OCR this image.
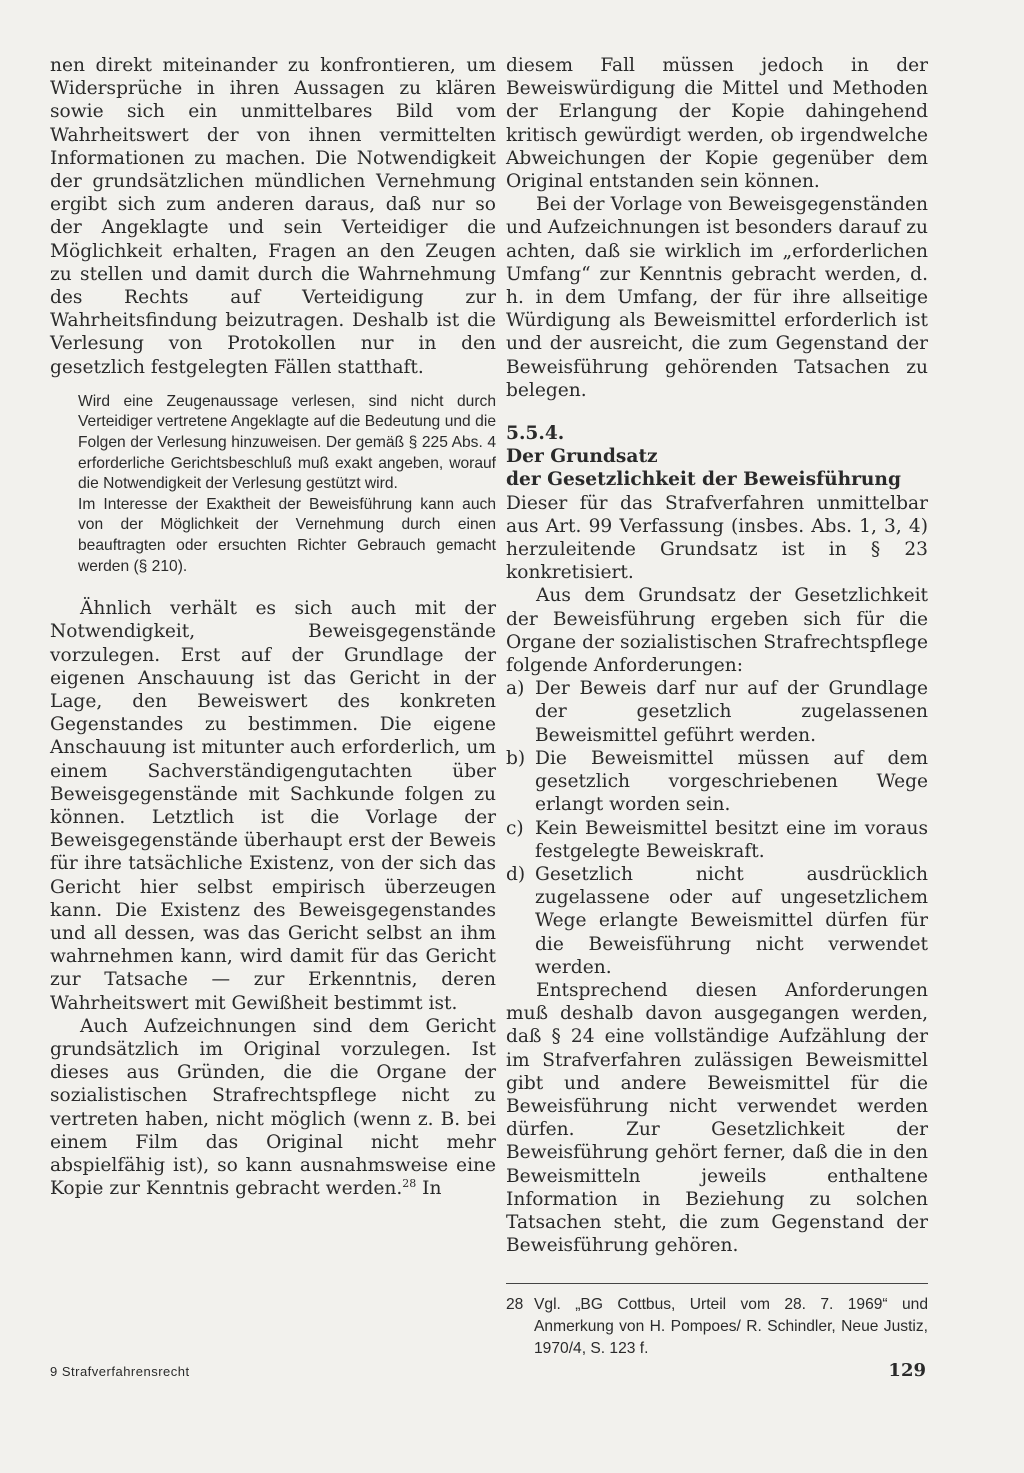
nen direkt miteinander zu konfrontieren, um Widersprüche in ihren Aussagen zu klären sowie sich ein unmittelbares Bild vom Wahrheitswert der von ihnen vermittelten Informationen zu machen. Die Notwendigkeit der grundsätzlichen mündlichen Vernehmung ergibt sich zum anderen daraus, daß nur so der Angeklagte und sein Verteidiger die Möglichkeit erhalten, Fragen an den Zeugen zu stellen und damit durch die Wahrnehmung des Rechts auf Verteidigung zur Wahrheitsfindung beizutragen. Deshalb ist die Verlesung von Protokollen nur in den gesetzlich festgelegten Fällen statthaft.

Wird eine Zeugenaussage verlesen, sind nicht durch Verteidiger vertretene Angeklagte auf die Bedeutung und die Folgen der Verlesung hinzuweisen. Der gemäß § 225 Abs. 4 erforderliche Gerichtsbeschluß muß exakt angeben, worauf die Notwendigkeit der Verlesung gestützt wird.

Im Interesse der Exaktheit der Beweisführung kann auch von der Möglichkeit der Vernehmung durch einen beauftragten oder ersuchten Richter Gebrauch gemacht werden (§ 210).

Ähnlich verhält es sich auch mit der Notwendigkeit, Beweisgegenstände vorzulegen. Erst auf der Grundlage der eigenen Anschauung ist das Gericht in der Lage, den Beweiswert des konkreten Gegenstandes zu bestimmen. Die eigene Anschauung ist mitunter auch erforderlich, um einem Sachverständigengutachten über Beweisgegenstände mit Sachkunde folgen zu können. Letztlich ist die Vorlage der Beweisgegenstände überhaupt erst der Beweis für ihre tatsächliche Existenz, von der sich das Gericht hier selbst empirisch überzeugen kann. Die Existenz des Beweisgegenstandes und all dessen, was das Gericht selbst an ihm wahrnehmen kann, wird damit für das Gericht zur Tatsache — zur Erkenntnis, deren Wahrheitswert mit Gewißheit bestimmt ist.

Auch Aufzeichnungen sind dem Gericht grundsätzlich im Original vorzulegen. Ist dieses aus Gründen, die die Organe der sozialistischen Strafrechtspflege nicht zu vertreten haben, nicht möglich (wenn z. B. bei einem Film das Original nicht mehr abspielfähig ist), so kann ausnahmsweise eine Kopie zur Kenntnis gebracht werden.$^{28}$ In

diesem Fall müssen jedoch in der Beweiswürdigung die Mittel und Methoden der Erlangung der Kopie dahingehend kritisch gewürdigt werden, ob irgendwelche Abweichungen der Kopie gegenüber dem Original entstanden sein können.

Bei der Vorlage von Beweisgegenständen und Aufzeichnungen ist besonders darauf zu achten, daß sie wirklich im „erforderlichen Umfang“ zur Kenntnis gebracht werden, d. h. in dem Umfang, der für ihre allseitige Würdigung als Beweismittel erforderlich ist und der ausreicht, die zum Gegenstand der Beweisführung gehörenden Tatsachen zu belegen.

5.5.4.
Der Grundsatz
der Gesetzlichkeit der Beweisführung

Dieser für das Strafverfahren unmittelbar aus Art. 99 Verfassung (insbes. Abs. 1, 3, 4) herzuleitende Grundsatz ist in § 23 konkretisiert.

Aus dem Grundsatz der Gesetzlichkeit der Beweisführung ergeben sich für die Organe der sozialistischen Strafrechtspflege folgende Anforderungen:

a) Der Beweis darf nur auf der Grundlage der gesetzlich zugelassenen Beweismittel geführt werden.
b) Die Beweismittel müssen auf dem gesetzlich vorgeschriebenen Wege erlangt worden sein.
c) Kein Beweismittel besitzt eine im voraus festgelegte Beweiskraft.
d) Gesetzlich nicht ausdrücklich zugelassene oder auf ungesetzlichem Wege erlangte Beweismittel dürfen für die Beweisführung nicht verwendet werden.

Entsprechend diesen Anforderungen muß deshalb davon ausgegangen werden, daß § 24 eine vollständige Aufzählung der im Strafverfahren zulässigen Beweismittel gibt und andere Beweismittel für die Beweisführung nicht verwendet werden dürfen. Zur Gesetzlichkeit der Beweisführung gehört ferner, daß die in den Beweismitteln jeweils enthaltene Information in Beziehung zu solchen Tatsachen steht, die zum Gegenstand der Beweisführung gehören.

28 Vgl. „BG Cottbus, Urteil vom 28. 7. 1969“ und Anmerkung von H. Pompoes/ R. Schindler, Neue Justiz, 1970/4, S. 123 f.
9 Strafverfahrensrecht	129
